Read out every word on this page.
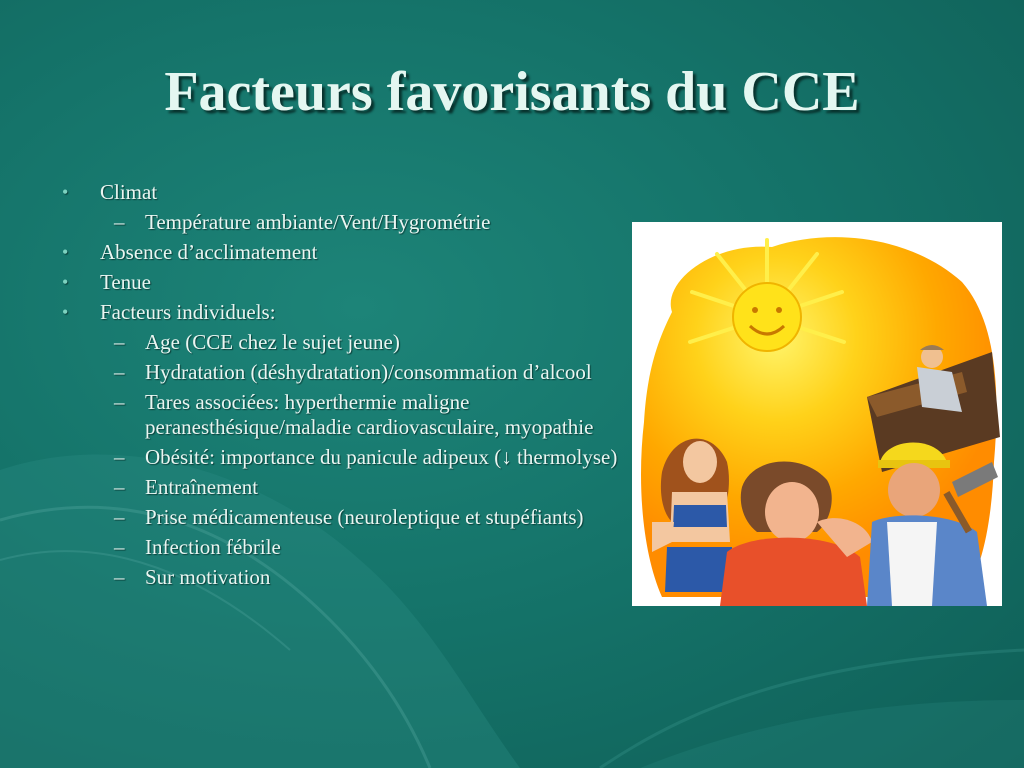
Facteurs favorisants du CCE
• Climat
– Température ambiante/Vent/Hygrométrie
• Absence d’acclimatement
• Tenue
• Facteurs individuels:
– Age (CCE chez le sujet jeune)
– Hydratation (déshydratation)/consommation d’alcool
– Tares associées: hyperthermie maligne peranesthésique/maladie cardiovasculaire, myopathie
– Obésité: importance du panicule adipeux (↓ thermolyse)
– Entraînement
– Prise médicamenteuse (neuroleptique et stupéfiants)
– Infection fébrile
– Sur motivation
